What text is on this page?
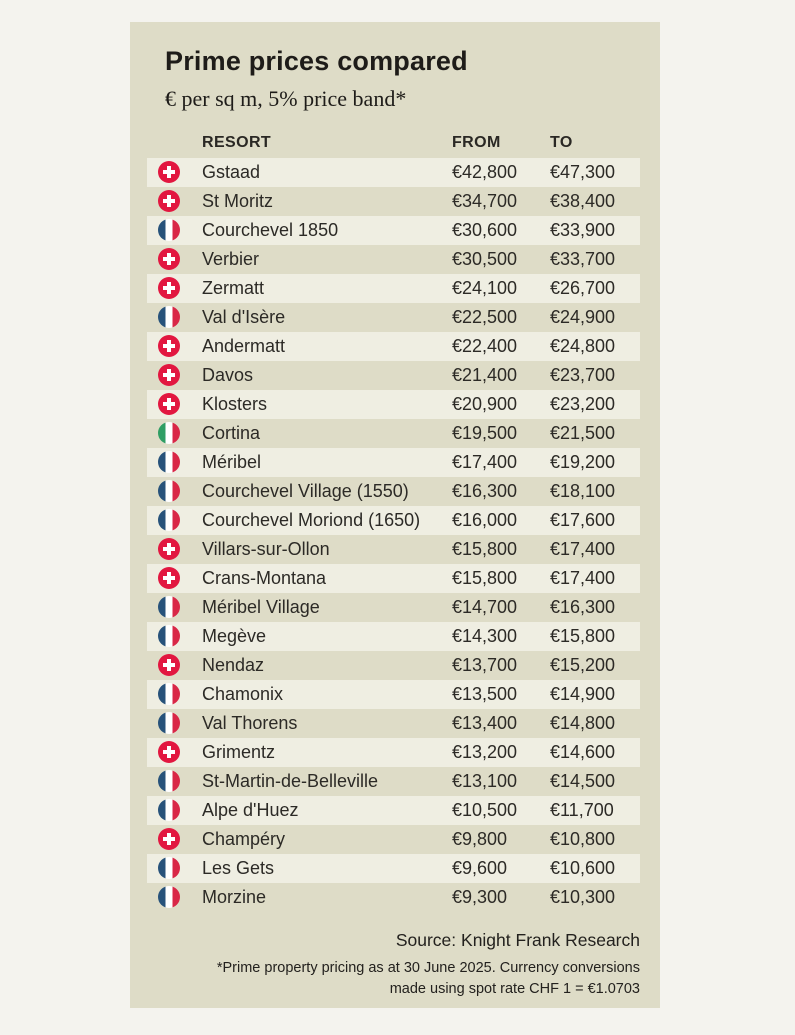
Prime prices compared
€ per sq m, 5% price band*
RESORT	FROM	TO
Gstaad	€42,800 €47,300
St Moritz	€34,700 €38,400
Courchevel 1850	€30,600 €33,900
Verbier	€30,500 €33,700
Zermatt	€24,100 €26,700
Val d'Isère	€22,500 €24,900
Andermatt	€22,400 €24,800
Davos	€21,400 €23,700
Klosters	€20,900 €23,200
Cortina	€19,500 €21,500
Méribel	€17,400 €19,200
Courchevel Village (1550) €16,300 €18,100
Courchevel Moriond (1650) €16,000 €17,600
Villars-sur-Ollon	€15,800 €17,400
Crans-Montana	€15,800 €17,400
Méribel Village	€14,700 €16,300
Megève	€14,300 €15,800
Nendaz	€13,700 €15,200
Chamonix	€13,500 €14,900
Val Thorens	€13,400 €14,800
Grimentz	€13,200 €14,600
St-Martin-de-Belleville	€13,100 €14,500
Alpe d'Huez	€10,500 €11,700
Champéry	€9,800 €10,800
Les Gets	€9,600 €10,600
Morzine	€9,300 €10,300
Source: Knight Frank Research
*Prime property pricing as at 30 June 2025. Currency conversions
made using spot rate CHF 1 = €1.0703
